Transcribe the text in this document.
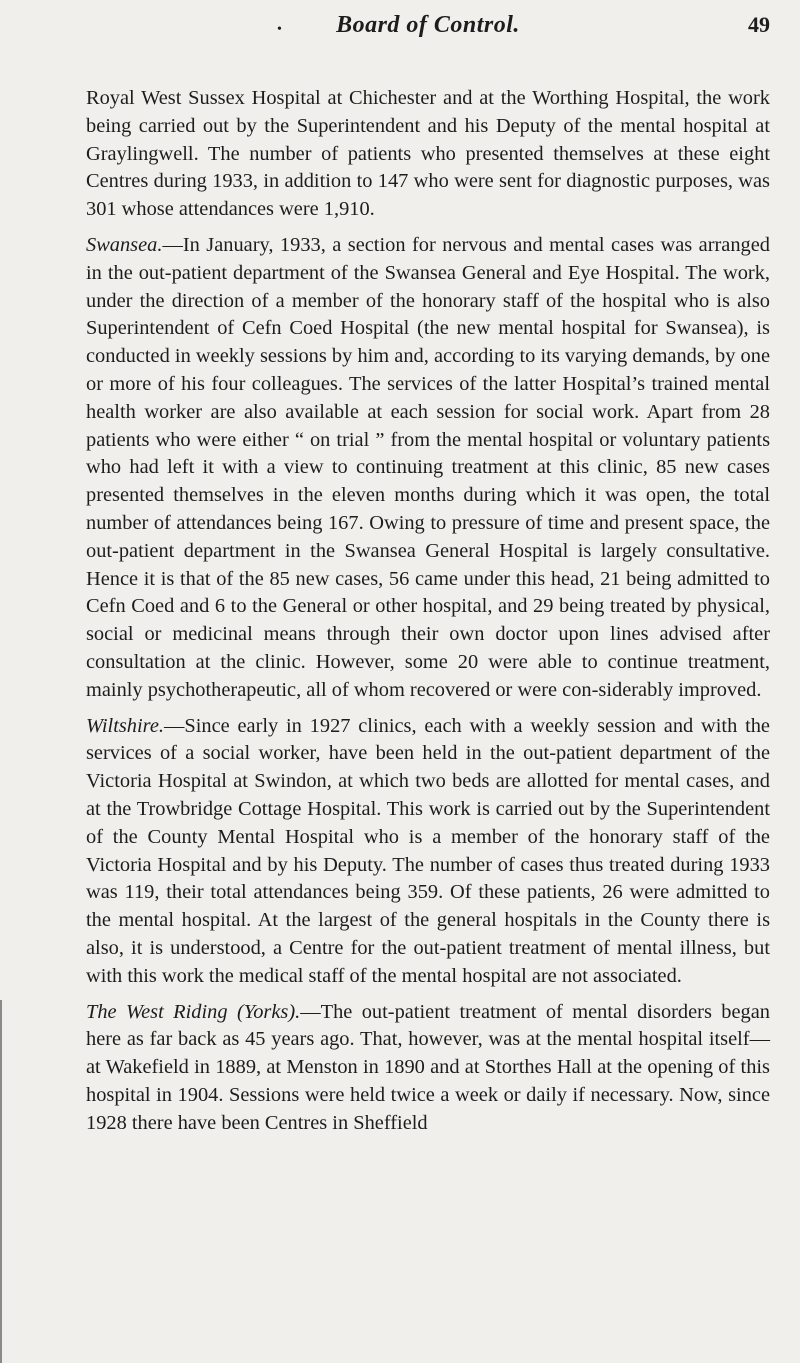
•	Board of Control.	49

Royal West Sussex Hospital at Chichester and at the Worthing Hospital, the work being carried out by the Superintendent and his Deputy of the mental hospital at Graylingwell. The number of patients who presented themselves at these eight Centres during 1933, in addition to 147 who were sent for diagnostic purposes, was 301 whose attendances were 1,910.

Swansea.—In January, 1933, a section for nervous and mental cases was arranged in the out-patient department of the Swansea General and Eye Hospital. The work, under the direction of a member of the honorary staff of the hospital who is also Superintendent of Cefn Coed Hospital (the new mental hospital for Swansea), is conducted in weekly sessions by him and, according to its varying demands, by one or more of his four colleagues. The services of the latter Hospital’s trained mental health worker are also available at each session for social work. Apart from 28 patients who were either “ on trial ” from the mental hospital or voluntary patients who had left it with a view to continuing treatment at this clinic, 85 new cases presented themselves in the eleven months during which it was open, the total number of attendances being 167. Owing to pressure of time and present space, the out-patient department in the Swansea General Hospital is largely consultative. Hence it is that of the 85 new cases, 56 came under this head, 21 being admitted to Cefn Coed and 6 to the General or other hospital, and 29 being treated by physical, social or medicinal means through their own doctor upon lines advised after consultation at the clinic. However, some 20 were able to continue treatment, mainly psychotherapeutic, all of whom recovered or were con-siderably improved.

Wiltshire.—Since early in 1927 clinics, each with a weekly session and with the services of a social worker, have been held in the out-patient department of the Victoria Hospital at Swindon, at which two beds are allotted for mental cases, and at the Trowbridge Cottage Hospital. This work is carried out by the Superintendent of the County Mental Hospital who is a member of the honorary staff of the Victoria Hospital and by his Deputy. The number of cases thus treated during 1933 was 119, their total attendances being 359. Of these patients, 26 were admitted to the mental hospital. At the largest of the general hospitals in the County there is also, it is understood, a Centre for the out-patient treatment of mental illness, but with this work the medical staff of the mental hospital are not associated.

The West Riding (Yorks).—The out-patient treatment of mental disorders began here as far back as 45 years ago. That, however, was at the mental hospital itself—at Wakefield in 1889, at Menston in 1890 and at Storthes Hall at the opening of this hospital in 1904. Sessions were held twice a week or daily if necessary. Now, since 1928 there have been Centres in Sheffield
